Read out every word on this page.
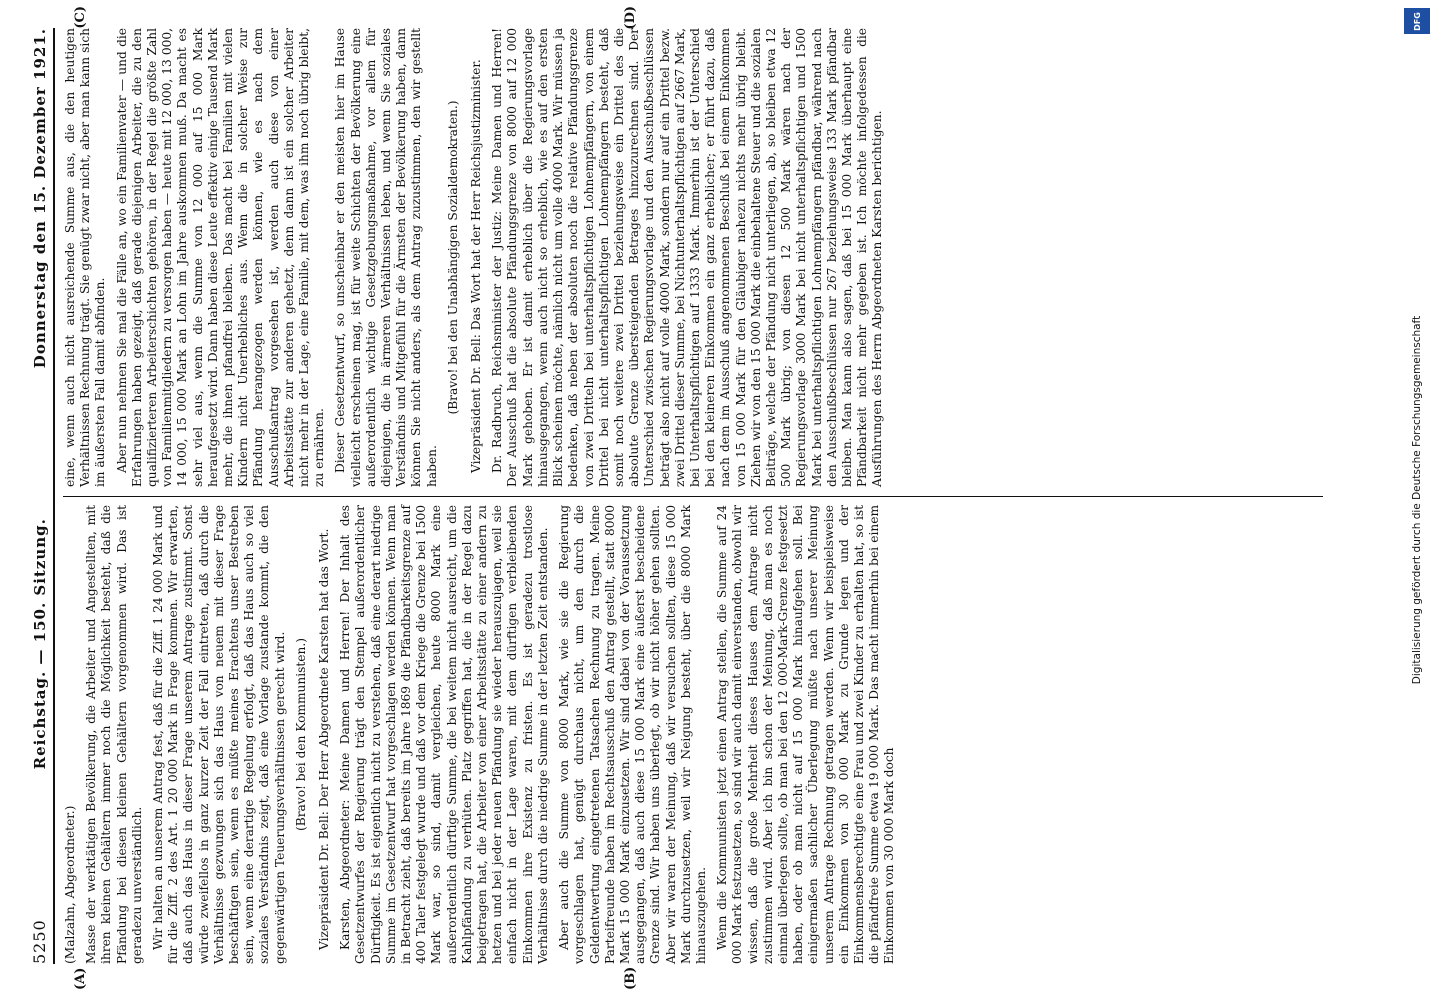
5250
Reichstag. — 150. Sitzung.
Donnerstag den 15. Dezember 1921.
(A)	(B)

(Malzahn, Abgeordneter.) Masse der werktätigen Bevölkerung, die Arbeiter und Angestellten, mit ihren kleinen Gehältern immer noch die Möglichkeit besteht, daß die Pfändung bei diesen kleinen Gehältern vorgenommen wird. Das ist geradezu unverständlich. Wir halten an unserem Antrag fest, daß für die Ziff. 1 24 000 Mark und für die Ziff. 2 des Art. 1 20 000 Mark in Frage kommen. Wir erwarten, daß auch das Haus in dieser Frage unserem Antrage zustimmt. Sonst würde zweifellos in ganz kurzer Zeit der Fall eintreten, daß durch die Verhältnisse gezwungen sich das Haus von neuem mit dieser Frage beschäftigen sein, wenn es müßte meines Erachtens unser Bestreben sein, wenn eine derartige Regelung erfolgt, daß das Haus auch so viel soziales Verständnis zeigt, daß eine Vorlage zustande kommt, die den gegenwärtigen Teuerungsverhältnissen gerecht wird. (Bravo! bei den Kommunisten.) Vizepräsident Dr. Bell: Der Herr Abgeordnete Karsten hat das Wort. Karsten, Abgeordneter: Meine Damen und Herren! Der Inhalt des Gesetzentwurfes der Regierung trägt den Stempel außerordentlicher Dürftigkeit. Es ist eigentlich nicht zu verstehen, daß eine derart niedrige Summe im Gesetzentwurf hat vorgeschlagen werden können. Wenn man in Betracht zieht, daß bereits im Jahre 1869 die Pfändbarkeitsgrenze auf 400 Taler festgelegt wurde und daß vor dem Kriege die Grenze bei 1500 Mark war, so sind, damit vergleichen, heute 8000 Mark eine außerordentlich dürftige Summe, die bei weitem nicht ausreicht, um die Kahlpfändung zu verhüten. Platz gegriffen hat, die in der Regel dazu beigetragen hat, die Arbeiter von einer Arbeitsstätte zu einer andern zu hetzen und bei jeder neuen Pfändung sie wieder herauszujagen, weil sie einfach nicht in der Lage waren, mit dem dürftigen verbleibenden Einkommen ihre Existenz zu fristen. Es ist geradezu trostlose Verhältnisse durch die niedrige Summe in der letzten Zeit entstanden. Aber auch die Summe von 8000 Mark, wie sie die Regierung vorgeschlagen hat, genügt durchaus nicht, um den durch die Geldentwertung eingetretenen Tatsachen Rechnung zu tragen. Meine Parteifreunde haben im Rechtsausschuß den Antrag gestellt, statt 8000 Mark 15 000 Mark einzusetzen. Wir sind dabei von der Voraussetzung ausgegangen, daß auch diese 15 000 Mark eine äußerst bescheidene Grenze sind. Wir haben uns überlegt, ob wir nicht höher gehen sollten. Aber wir waren der Meinung, daß wir versuchen sollten, diese 15 000 Mark durchzusetzen, weil wir Neigung besteht, über die 8000 Mark hinauszugehen. Wenn die Kommunisten jetzt einen Antrag stellen, die Summe auf 24 000 Mark festzusetzen, so sind wir auch damit einverstanden, obwohl wir wissen, daß die große Mehrheit dieses Hauses dem Antrage nicht zustimmen wird. Aber ich bin schon der Meinung, daß man es noch einmal überlegen sollte, ob man bei den 12 000-Mark-Grenze festgesetzt haben, oder ob man nicht auf 15 000 Mark hinaufgehen soll. Bei einigermaßen sachlicher Überlegung müßte nach unserer Meinung unserem Antrage Rechnung getragen werden. Wenn wir beispielsweise ein Einkommen von 30 000 Mark zu Grunde legen und der Einkommensberechtigte eine Frau und zwei Kinder zu erhalten hat, so ist die pfändfreie Summe etwa 19 000 Mark. Das macht immerhin bei einem Einkommen von 30 000 Mark doch

(C)	(D)

eine, wenn auch nicht ausreichende Summe aus, die den heutigen Verhältnissen Rechnung trägt. Sie genügt zwar nicht, aber man kann sich im äußersten Fall damit abfinden. Aber nun nehmen Sie mal die Fälle an, wo ein Familienvater — und die Erfahrungen haben gezeigt, daß gerade diejenigen Arbeiter, die zu den qualifizierteren Arbeiterschichten gehören, in der Regel die größte Zahl von Familienmitgliedern zu versorgen haben — heute mit 12 000, 13 000, 14 000, 15 000 Mark an Lohn im Jahre auskommen muß. Da macht es sehr viel aus, wenn die Summe von 12 000 auf 15 000 Mark heraufgesetzt wird. Dann haben diese Leute effektiv einige Tausend Mark mehr, die ihnen pfandfrei bleiben. Das macht bei Familien mit vielen Kindern nicht Unerhebliches aus. Wenn die in solcher Weise zur Pfändung herangezogen werden können, wie es nach dem Ausschußantrag vorgesehen ist, werden auch diese von einer Arbeitsstätte zur anderen gehetzt, denn dann ist ein solcher Arbeiter nicht mehr in der Lage, eine Familie, mit dem, was ihm noch übrig bleibt, zu ernähren. Dieser Gesetzentwurf, so unscheinbar er den meisten hier im Hause vielleicht erscheinen mag, ist für weite Schichten der Bevölkerung eine außerordentlich wichtige Gesetzgebungsmaßnahme, vor allem für diejenigen, die in ärmeren Verhältnissen leben, und wenn Sie soziales Verständnis und Mitgefühl für die Ärmsten der Bevölkerung haben, dann können Sie nicht anders, als dem Antrag zuzustimmen, den wir gestellt haben.

(Bravo! bei den Unabhängigen Sozialdemokraten.) Vizepräsident Dr. Bell: Das Wort hat der Herr Reichsjustizminister. Dr. Radbruch, Reichsminister der Justiz: Meine Damen und Herren! Der Ausschuß hat die absolute Pfändungsgrenze von 8000 auf 12 000 Mark gehoben. Er ist damit erheblich über die Regierungsvorlage hinausgegangen, wenn auch nicht so erheblich, wie es auf den ersten Blick scheinen möchte, nämlich nicht um volle 4000 Mark. Wir müssen ja bedenken, daß neben der absoluten noch die relative Pfändungsgrenze von zwei Dritteln bei unterhaltspflichtigen Lohnempfängern, von einem Drittel bei nicht unterhaltspflichtigen Lohnempfängern besteht, daß somit noch weitere zwei Drittel beziehungsweise ein Drittel des die absolute Grenze übersteigenden Betrages hinzuzurechnen sind. Der Unterschied zwischen Regierungsvorlage und den Ausschußbeschlüssen beträgt also nicht auf volle 4000 Mark, sondern nur auf ein Drittel bezw. zwei Drittel dieser Summe, bei Nichtunterhaltspflichtigen auf 2667 Mark, bei Unterhaltspflichtigen auf 1333 Mark. Immerhin ist der Unterschied bei den kleineren Einkommen ein ganz erheblicher; er führt dazu, daß nach dem im Ausschuß angenommenen Beschluß bei einem Einkommen von 15 000 Mark für den Gläubiger nahezu nichts mehr übrig bleibt. Ziehen wir von den 15 000 Mark die einbehaltene Steuer und die sozialen Beiträge, welche der Pfändung nicht unterliegen, ab, so bleiben etwa 12 500 Mark übrig; von diesen 12 500 Mark wären nach der Regierungsvorlage 3000 Mark bei nicht unterhaltspflichtigen und 1500 Mark bei unterhaltspflichtigen Lohnempfängern pfändbar, während nach den Ausschußbeschlüssen nur 267 beziehungsweise 133 Mark pfändbar bleiben. Man kann also sagen, daß bei 15 000 Mark überhaupt eine Pfändbarkeit nicht mehr gegeben ist. Ich möchte infolgedessen die Ausführungen des Herrn Abgeordneten Karsten berichtigen.

DFG
Digitalisierung gefördert durch die Deutsche Forschungsgemeinschaft
